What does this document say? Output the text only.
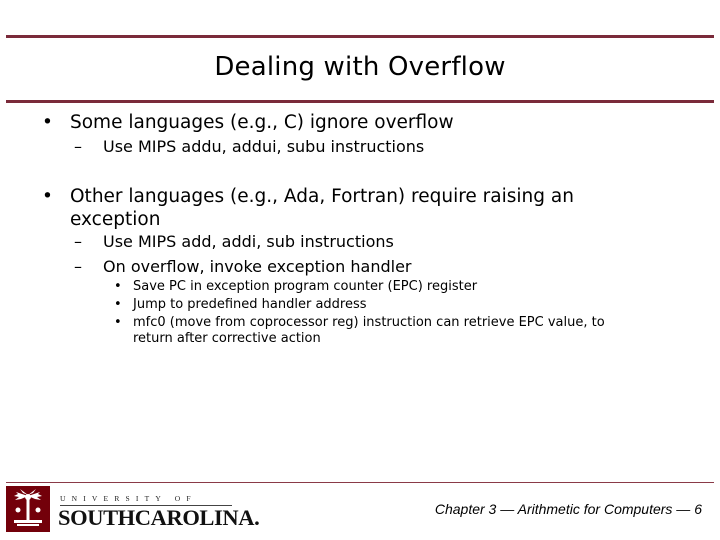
Dealing with Overflow
• Some languages (e.g., C) ignore overflow
– Use MIPS addu, addui, subu instructions
• Other languages (e.g., Ada, Fortran) require raising an
exception
– Use MIPS add, addi, sub instructions
– On overflow, invoke exception handler
• Save PC in exception program counter (EPC) register
• Jump to predefined handler address
• mfc0 (move from coprocessor reg) instruction can retrieve EPC value, to
return after corrective action
UNIVERSITY OF
SOUTHCAROLINA.	Chapter 3 — Arithmetic for Computers — 6
